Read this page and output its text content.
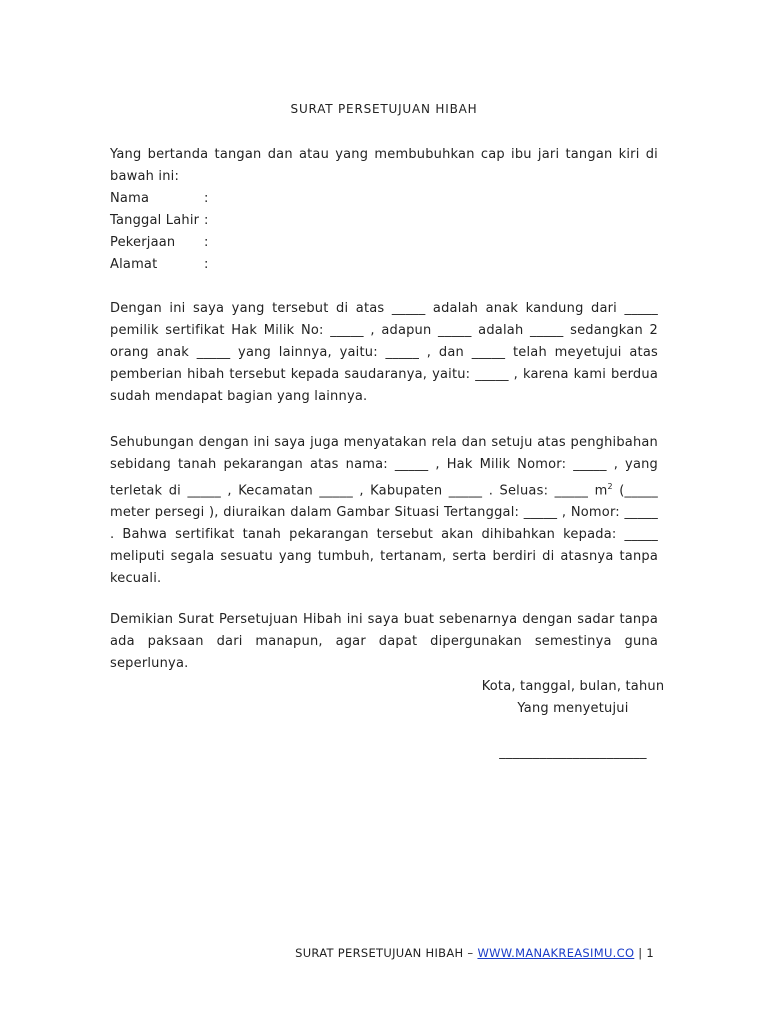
SURAT PERSETUJUAN HIBAH

Yang bertanda tangan dan atau yang membubuhkan cap ibu jari tangan kiri di bawah ini:

Nama	:
Tanggal Lahir :
Pekerjaan	:
Alamat	:

Dengan ini saya yang tersebut di atas _____ adalah anak kandung dari _____ pemilik sertifikat Hak Milik No: _____ , adapun _____ adalah _____ sedangkan 2 orang anak _____ yang lainnya, yaitu: _____ , dan _____ telah meyetujui atas pemberian hibah tersebut kepada saudaranya, yaitu: _____ , karena kami berdua sudah mendapat bagian yang lainnya.

Sehubungan dengan ini saya juga menyatakan rela dan setuju atas penghibahan sebidang tanah pekarangan atas nama: _____ , Hak Milik Nomor: _____ , yang terletak di _____ , Kecamatan _____ , Kabupaten _____ . Seluas: _____ $m^2$ (_____ meter persegi ), diuraikan dalam Gambar Situasi Tertanggal: _____ , Nomor: _____ . Bahwa sertifikat tanah pekarangan tersebut akan dihibahkan kepada: _____ meliputi segala sesuatu yang tumbuh, tertanam, serta berdiri di atasnya tanpa kecuali.

Demikian Surat Persetujuan Hibah ini saya buat sebenarnya dengan sadar tanpa ada paksaan dari manapun, agar dapat dipergunakan semestinya guna seperlunya.

Kota, tanggal, bulan, tahun
Yang menyetujui
______________________
SURAT PERSETUJUAN HIBAH – WWW.MANAKREASIMU.CO | 1
